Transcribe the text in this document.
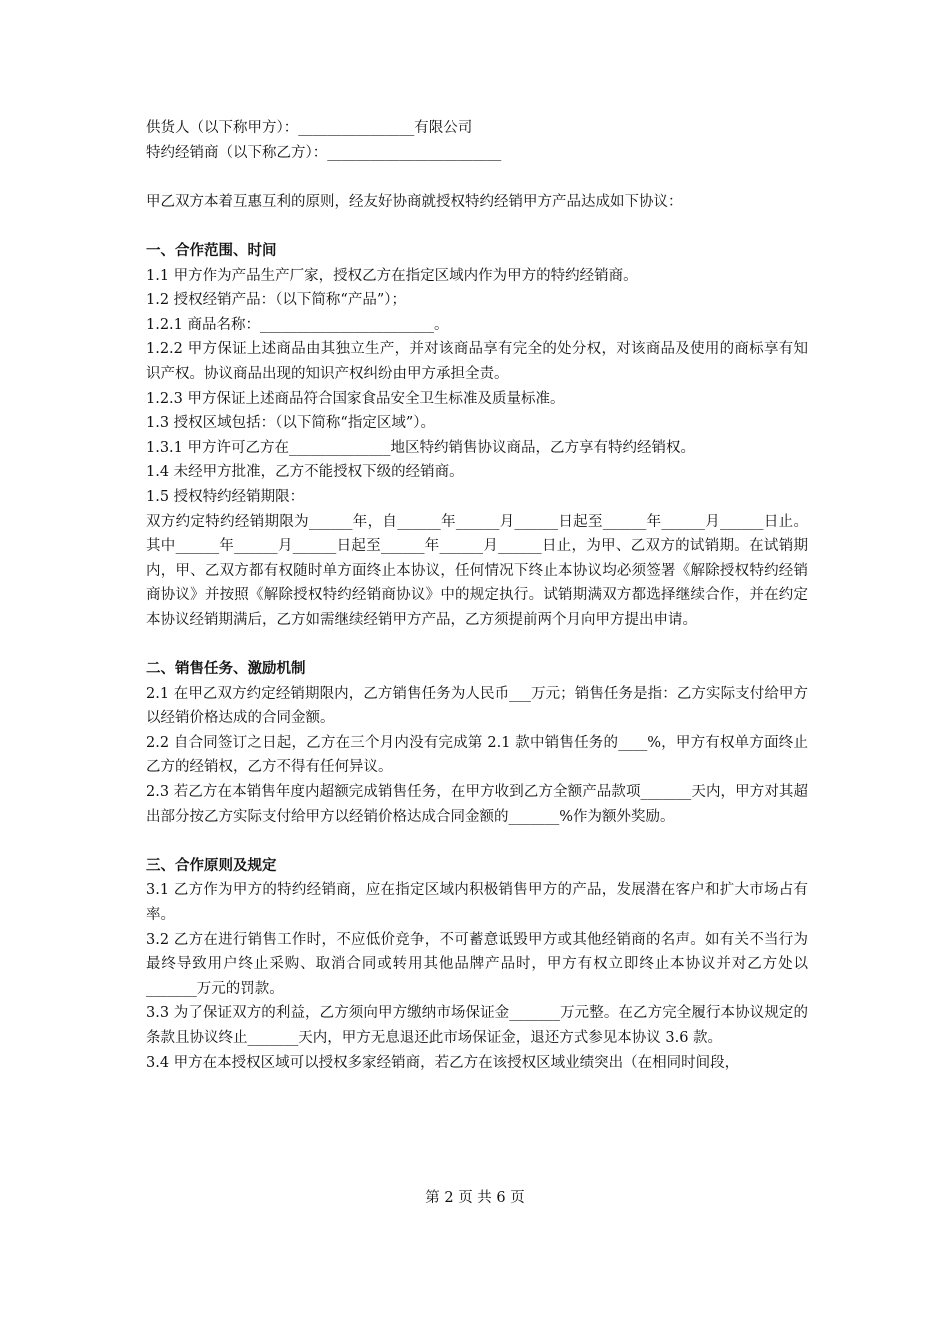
供货人（以下称甲方）：________________有限公司
特约经销商（以下称乙方）：________________________
甲乙双方本着互惠互利的原则，经友好协商就授权特约经销甲方产品达成如下协议：
一、合作范围、时间
1.1 甲方作为产品生产厂家，授权乙方在指定区域内作为甲方的特约经销商。
1.2 授权经销产品：（以下简称“产品”）；
1.2.1 商品名称：________________________。
1.2.2 甲方保证上述商品由其独立生产，并对该商品享有完全的处分权，对该商品及使用的商标享有知识产权。协议商品出现的知识产权纠纷由甲方承担全责。
1.2.3 甲方保证上述商品符合国家食品安全卫生标准及质量标准。
1.3 授权区域包括：（以下简称“指定区域”）。
1.3.1 甲方许可乙方在______________地区特约销售协议商品，乙方享有特约经销权。
1.4 未经甲方批准，乙方不能授权下级的经销商。
1.5 授权特约经销期限：
双方约定特约经销期限为______年，自______年______月______日起至______年______月______日止。其中______年______月______日起至______年______月______日止，为甲、乙双方的试销期。在试销期内，甲、乙双方都有权随时单方面终止本协议，任何情况下终止本协议均必须签署《解除授权特约经销商协议》并按照《解除授权特约经销商协议》中的规定执行。试销期满双方都选择继续合作，并在约定本协议经销期满后，乙方如需继续经销甲方产品，乙方须提前两个月向甲方提出申请。
二、销售任务、激励机制
2.1 在甲乙双方约定经销期限内，乙方销售任务为人民币___万元；销售任务是指：乙方实际支付给甲方以经销价格达成的合同金额。
2.2 自合同签订之日起，乙方在三个月内没有完成第 2.1 款中销售任务的____%，甲方有权单方面终止乙方的经销权，乙方不得有任何异议。
2.3 若乙方在本销售年度内超额完成销售任务，在甲方收到乙方全额产品款项_______天内，甲方对其超出部分按乙方实际支付给甲方以经销价格达成合同金额的_______%作为额外奖励。
三、合作原则及规定
3.1 乙方作为甲方的特约经销商，应在指定区域内积极销售甲方的产品，发展潜在客户和扩大市场占有率。
3.2 乙方在进行销售工作时，不应低价竞争，不可蓄意诋毁甲方或其他经销商的名声。如有关不当行为最终导致用户终止采购、取消合同或转用其他品牌产品时，甲方有权立即终止本协议并对乙方处以_______万元的罚款。
3.3 为了保证双方的利益，乙方须向甲方缴纳市场保证金_______万元整。在乙方完全履行本协议规定的条款且协议终止_______天内，甲方无息退还此市场保证金，退还方式参见本协议 3.6 款。
3.4 甲方在本授权区域可以授权多家经销商，若乙方在该授权区域业绩突出（在相同时间段，
第 2 页 共 6 页
